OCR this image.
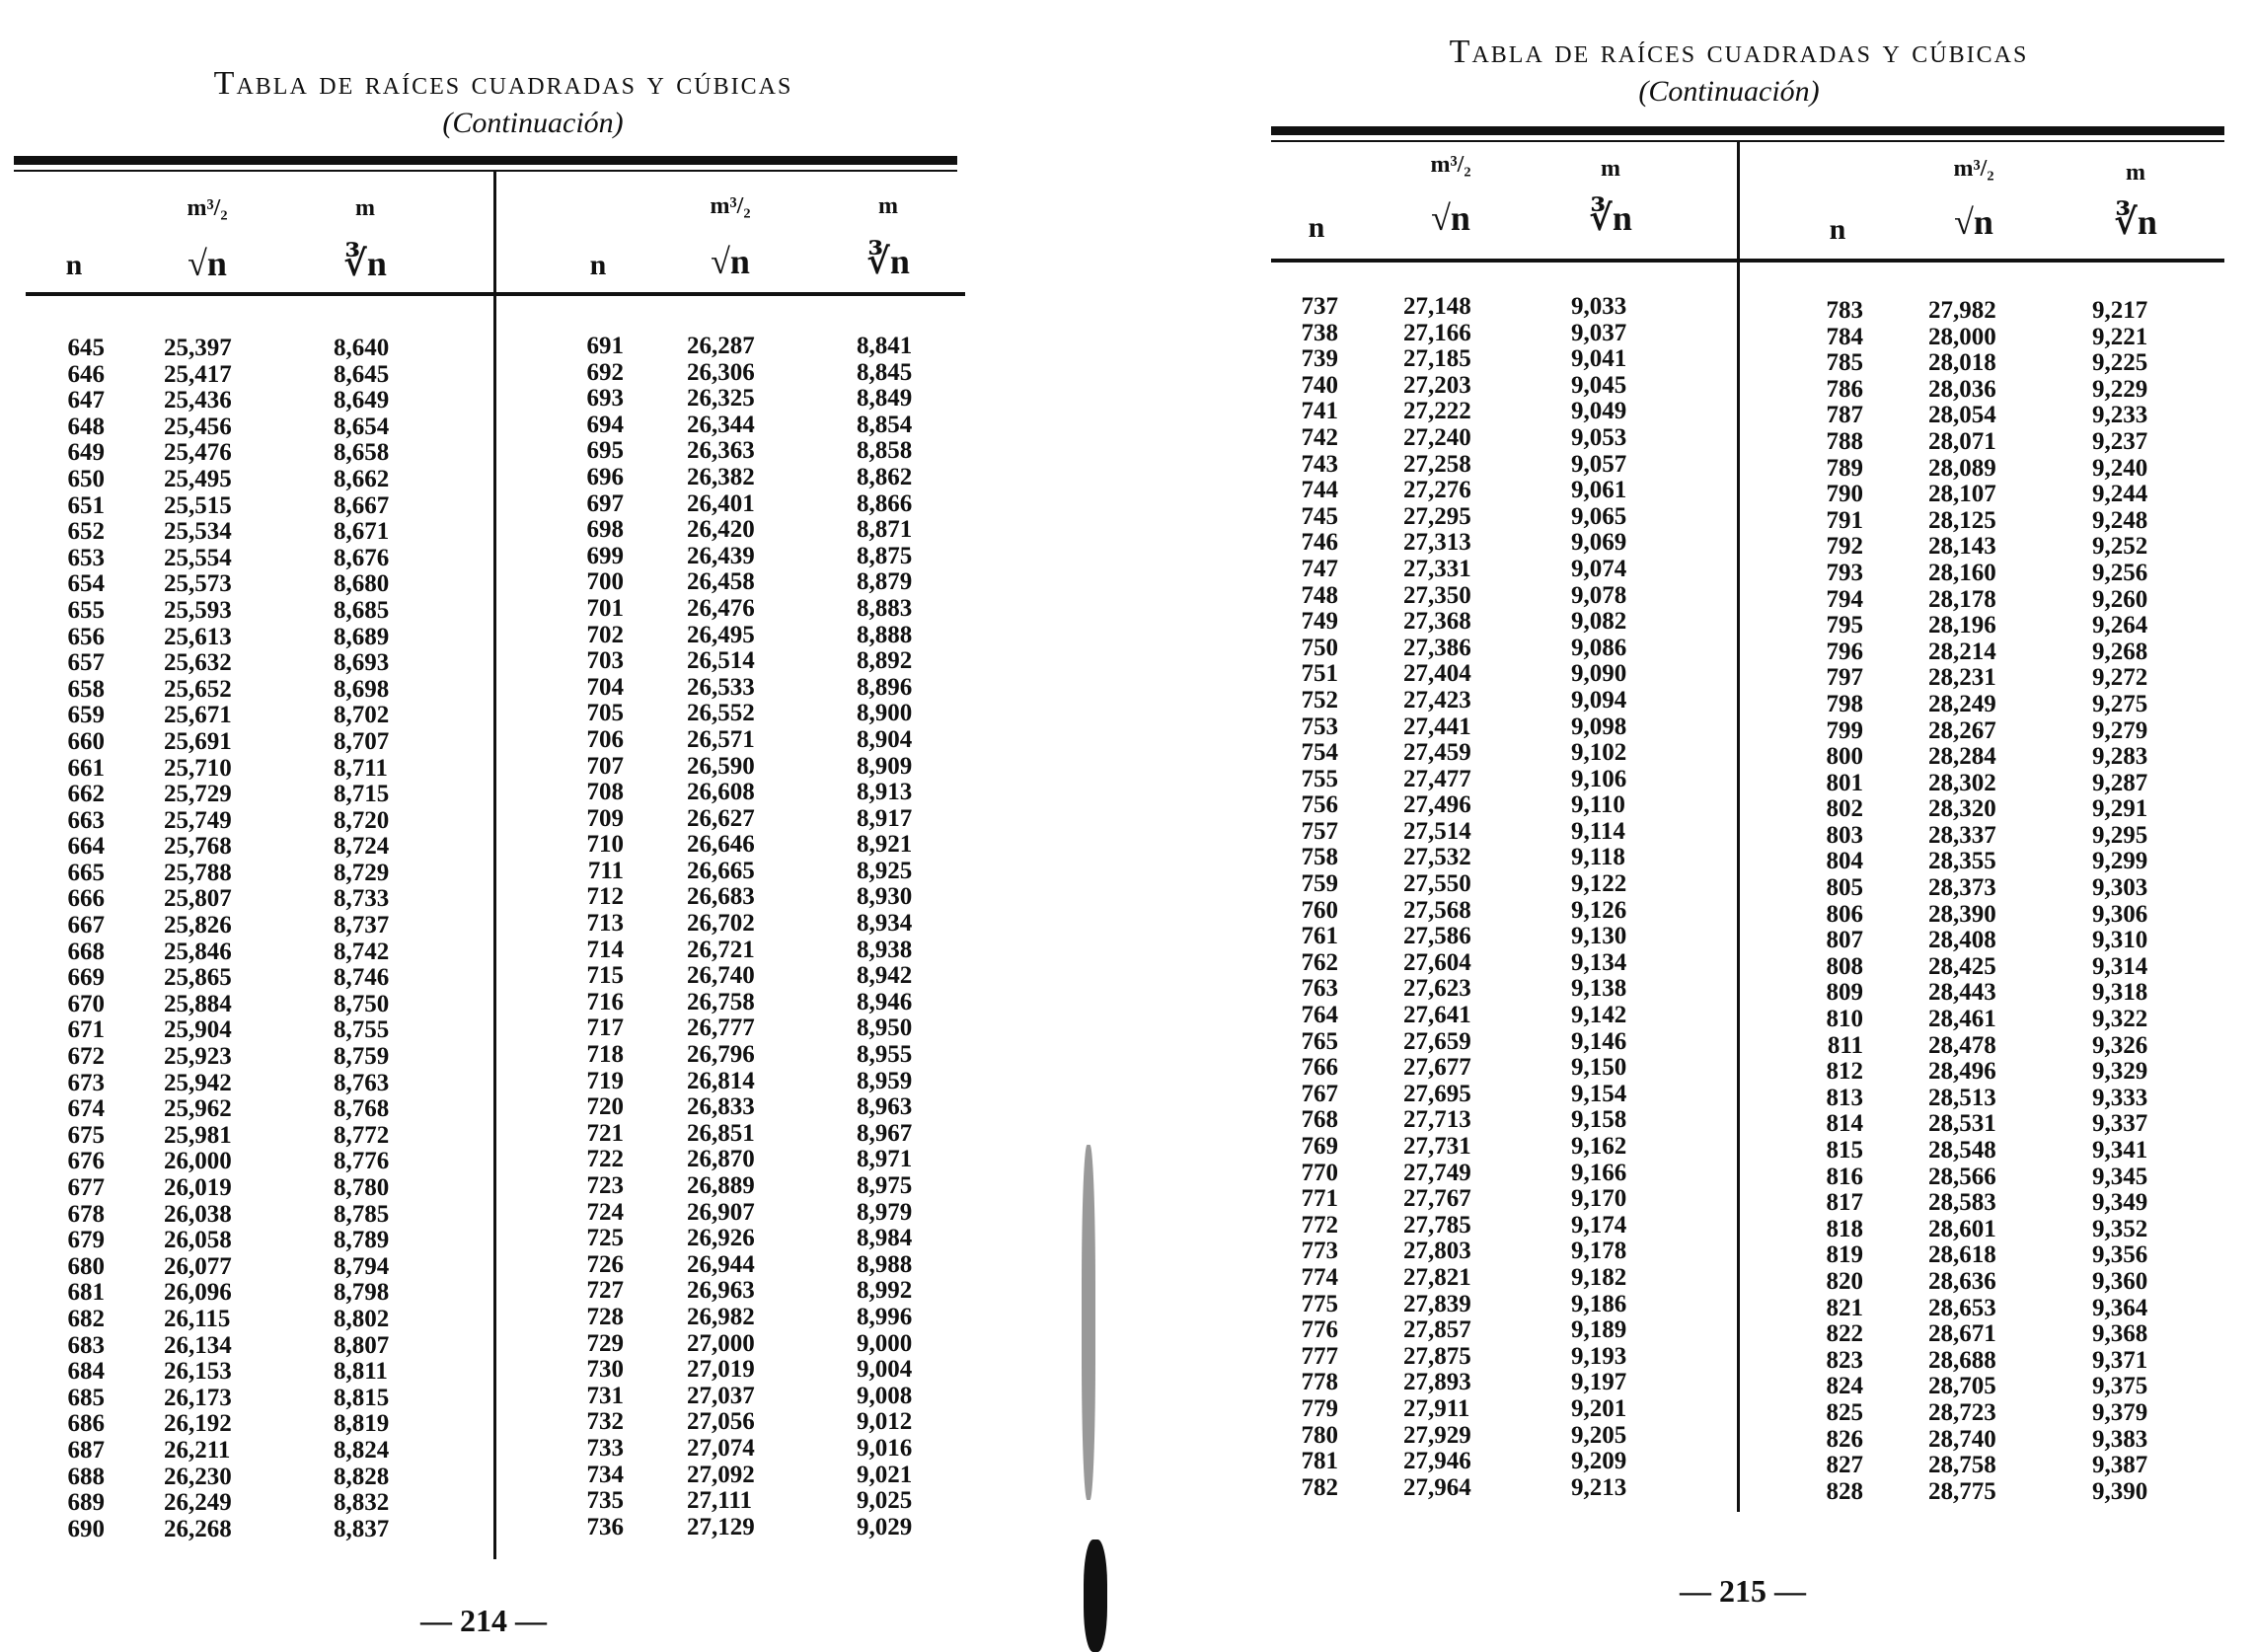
Tabla de raíces cuadradas y cúbicas
(Continuación)
n
m³/₂
√n
m
∛n	n
m³/₂
√n
m
∛n
645
646
647
648
649
650
651
652
653
654
655
656
657
658
659
660
661
662
663
664
665
666
667
668
669
670
671
672
673
674
675
676
677
678
679
680
681
682
683
684
685
686
687
688
689
690
25,397
25,417
25,436
25,456
25,476
25,495
25,515
25,534
25,554
25,573
25,593
25,613
25,632
25,652
25,671
25,691
25,710
25,729
25,749
25,768
25,788
25,807
25,826
25,846
25,865
25,884
25,904
25,923
25,942
25,962
25,981
26,000
26,019
26,038
26,058
26,077
26,096
26,115
26,134
26,153
26,173
26,192
26,211
26,230
26,249
26,268
8,640
8,645
8,649
8,654
8,658
8,662
8,667
8,671
8,676
8,680
8,685
8,689
8,693
8,698
8,702
8,707
8,711
8,715
8,720
8,724
8,729
8,733
8,737
8,742
8,746
8,750
8,755
8,759
8,763
8,768
8,772
8,776
8,780
8,785
8,789
8,794
8,798
8,802
8,807
8,811
8,815
8,819
8,824
8,828
8,832
8,837
691
692
693
694
695
696
697
698
699
700
701
702
703
704
705
706
707
708
709
710
711
712
713
714
715
716
717
718
719
720
721
722
723
724
725
726
727
728
729
730
731
732
733
734
735
736
26,287
26,306
26,325
26,344
26,363
26,382
26,401
26,420
26,439
26,458
26,476
26,495
26,514
26,533
26,552
26,571
26,590
26,608
26,627
26,646
26,665
26,683
26,702
26,721
26,740
26,758
26,777
26,796
26,814
26,833
26,851
26,870
26,889
26,907
26,926
26,944
26,963
26,982
27,000
27,019
27,037
27,056
27,074
27,092
27,111
27,129
8,841
8,845
8,849
8,854
8,858
8,862
8,866
8,871
8,875
8,879
8,883
8,888
8,892
8,896
8,900
8,904
8,909
8,913
8,917
8,921
8,925
8,930
8,934
8,938
8,942
8,946
8,950
8,955
8,959
8,963
8,967
8,971
8,975
8,979
8,984
8,988
8,992
8,996
9,000
9,004
9,008
9,012
9,016
9,021
9,025
9,029
— 214 —
Tabla de raíces cuadradas y cúbicas
(Continuación)
n
m³/₂
√n
m
∛n	n
m³/₂
√n
m
∛n
737
738
739
740
741
742
743
744
745
746
747
748
749
750
751
752
753
754
755
756
757
758
759
760
761
762
763
764
765
766
767
768
769
770
771
772
773
774
775
776
777
778
779
780
781
782
27,148
27,166
27,185
27,203
27,222
27,240
27,258
27,276
27,295
27,313
27,331
27,350
27,368
27,386
27,404
27,423
27,441
27,459
27,477
27,496
27,514
27,532
27,550
27,568
27,586
27,604
27,623
27,641
27,659
27,677
27,695
27,713
27,731
27,749
27,767
27,785
27,803
27,821
27,839
27,857
27,875
27,893
27,911
27,929
27,946
27,964
9,033
9,037
9,041
9,045
9,049
9,053
9,057
9,061
9,065
9,069
9,074
9,078
9,082
9,086
9,090
9,094
9,098
9,102
9,106
9,110
9,114
9,118
9,122
9,126
9,130
9,134
9,138
9,142
9,146
9,150
9,154
9,158
9,162
9,166
9,170
9,174
9,178
9,182
9,186
9,189
9,193
9,197
9,201
9,205
9,209
9,213
783
784
785
786
787
788
789
790
791
792
793
794
795
796
797
798
799
800
801
802
803
804
805
806
807
808
809
810
811
812
813
814
815
816
817
818
819
820
821
822
823
824
825
826
827
828
27,982
28,000
28,018
28,036
28,054
28,071
28,089
28,107
28,125
28,143
28,160
28,178
28,196
28,214
28,231
28,249
28,267
28,284
28,302
28,320
28,337
28,355
28,373
28,390
28,408
28,425
28,443
28,461
28,478
28,496
28,513
28,531
28,548
28,566
28,583
28,601
28,618
28,636
28,653
28,671
28,688
28,705
28,723
28,740
28,758
28,775
9,217
9,221
9,225
9,229
9,233
9,237
9,240
9,244
9,248
9,252
9,256
9,260
9,264
9,268
9,272
9,275
9,279
9,283
9,287
9,291
9,295
9,299
9,303
9,306
9,310
9,314
9,318
9,322
9,326
9,329
9,333
9,337
9,341
9,345
9,349
9,352
9,356
9,360
9,364
9,368
9,371
9,375
9,379
9,383
9,387
9,390
— 215 —
